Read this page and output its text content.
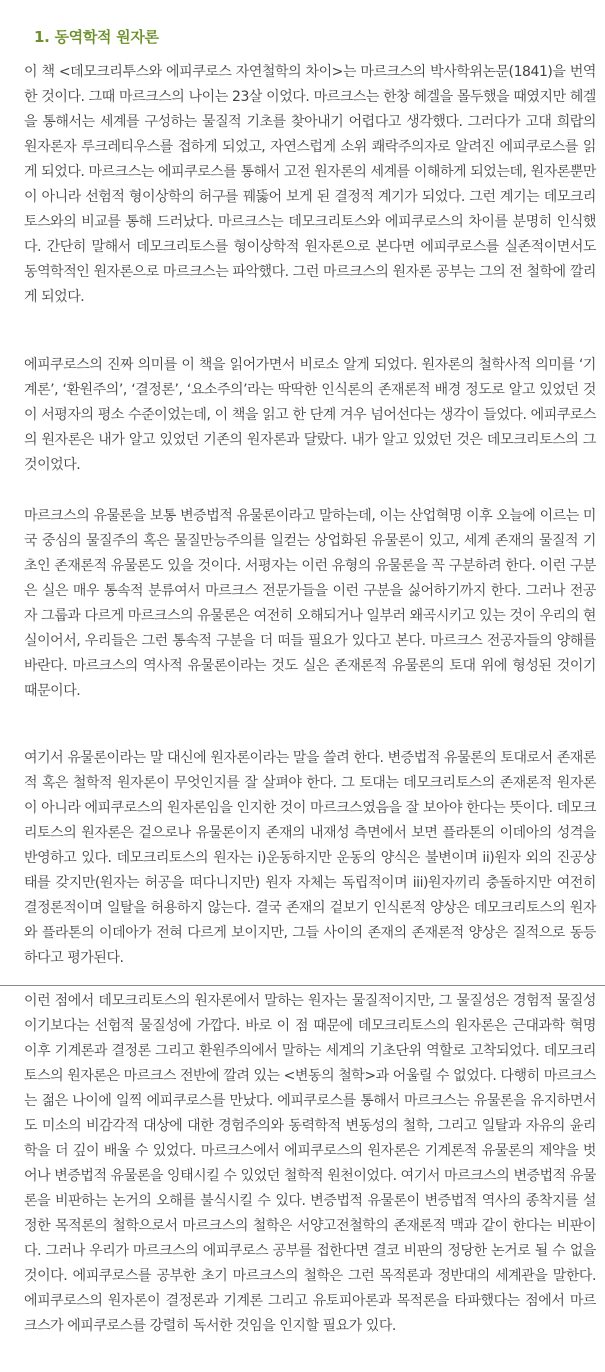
1. 동역학적 원자론

이 책 <데모크리투스와 에피쿠로스 자연철학의 차이>는 마르크스의 박사학위논문(1841)을 번역한 것이다. 그때 마르크스의 나이는 23살 이었다. 마르크스는 한창 헤겔을 몰두했을 때였지만 헤겔을 통해서는 세계를 구성하는 물질적 기초를 찾아내기 어렵다고 생각했다. 그러다가 고대 희랍의 원자론자 루크레티우스를 접하게 되었고, 자연스럽게 소위 쾌락주의자로 알려진 에피쿠로스를 읽게 되었다. 마르크스는 에피쿠로스를 통해서 고전 원자론의 세계를 이해하게 되었는데, 원자론뿐만이 아니라 선험적 형이상학의 허구를 꿰뚫어 보게 된 결정적 계기가 되었다. 그런 계기는 데모크리토스와의 비교를 통해 드러났다. 마르크스는 데모크리토스와 에피쿠로스의 차이를 분명히 인식했다. 간단히 말해서 데모크리토스를 형이상학적 원자론으로 본다면 에피쿠로스를 실존적이면서도 동역학적인 원자론으로 마르크스는 파악했다. 그런 마르크스의 원자론 공부는 그의 전 철학에 깔리게 되었다.

에피쿠로스의 진짜 의미를 이 책을 읽어가면서 비로소 알게 되었다. 원자론의 철학사적 의미를 ‘기계론’, ‘환원주의’, ‘결정론’, ‘요소주의’라는 딱딱한 인식론의 존재론적 배경 정도로 알고 있었던 것이 서평자의 평소 수준이었는데, 이 책을 읽고 한 단계 겨우 넘어선다는 생각이 들었다. 에피쿠로스의 원자론은 내가 알고 있었던 기존의 원자론과 달랐다. 내가 알고 있었던 것은 데모크리토스의 그것이었다.

마르크스의 유물론을 보통 변증법적 유물론이라고 말하는데, 이는 산업혁명 이후 오늘에 이르는 미국 중심의 물질주의 혹은 물질만능주의를 일컫는 상업화된 유물론이 있고, 세계 존재의 물질적 기초인 존재론적 유물론도 있을 것이다. 서평자는 이런 유형의 유물론을 꼭 구분하려 한다. 이런 구분은 실은 매우 통속적 분류여서 마르크스 전문가들을 이런 구분을 싫어하기까지 한다. 그러나 전공자 그룹과 다르게 마르크스의 유물론은 여전히 오해되거나 일부러 왜곡시키고 있는 것이 우리의 현실이어서, 우리들은 그런 통속적 구분을 더 떠들 필요가 있다고 본다. 마르크스 전공자들의 양해를 바란다. 마르크스의 역사적 유물론이라는 것도 실은 존재론적 유물론의 토대 위에 형성된 것이기 때문이다.

여기서 유물론이라는 말 대신에 원자론이라는 말을 쓸려 한다. 변증법적 유물론의 토대로서 존재론적 혹은 철학적 원자론이 무엇인지를 잘 살펴야 한다. 그 토대는 데모크리토스의 존재론적 원자론이 아니라 에피쿠로스의 원자론임을 인지한 것이 마르크스였음을 잘 보아야 한다는 뜻이다. 데모크리토스의 원자론은 겉으로나 유물론이지 존재의 내재성 측면에서 보면 플라톤의 이데아의 성격을 반영하고 있다. 데모크리토스의 원자는 i)운동하지만 운동의 양식은 불변이며 ii)원자 외의 진공상태를 갖지만(원자는 허공을 떠다니지만) 원자 자체는 독립적이며 iii)원자끼리 충돌하지만 여전히 결정론적이며 일탈을 허용하지 않는다. 결국 존재의 겉보기 인식론적 양상은 데모크리토스의 원자와 플라톤의 이데아가 전혀 다르게 보이지만, 그들 사이의 존재의 존재론적 양상은 질적으로 동등하다고 평가된다.

이런 점에서 데모크리토스의 원자론에서 말하는 원자는 물질적이지만, 그 물질성은 경험적 물질성이기보다는 선험적 물질성에 가깝다. 바로 이 점 때문에 데모크리토스의 원자론은 근대과학 혁명 이후 기계론과 결정론 그리고 환원주의에서 말하는 세계의 기초단위 역할로 고착되었다. 데모크리토스의 원자론은 마르크스 전반에 깔려 있는 <변동의 철학>과 어울릴 수 없었다. 다행히 마르크스는 젊은 나이에 일찍 에피쿠로스를 만났다. 에피쿠로스를 통해서 마르크스는 유물론을 유지하면서도 미소의 비감각적 대상에 대한 경험주의와 동력학적 변동성의 철학, 그리고 일탈과 자유의 윤리학을 더 깊이 배울 수 있었다. 마르크스에서 에피쿠로스의 원자론은 기계론적 유물론의 제약을 벗어나 변증법적 유물론을 잉태시킬 수 있었던 철학적 원천이었다. 여기서 마르크스의 변증법적 유물론을 비판하는 논거의 오해를 불식시킬 수 있다. 변증법적 유물론이 변증법적 역사의 종착지를 설정한 목적론의 철학으로서 마르크스의 철학은 서양고전철학의 존재론적 맥과 같이 한다는 비판이다. 그러나 우리가 마르크스의 에피쿠로스 공부를 접한다면 결코 비판의 정당한 논거로 될 수 없을 것이다. 에피쿠로스를 공부한 초기 마르크스의 철학은 그런 목적론과 정반대의 세계관을 말한다. 에피쿠로스의 원자론이 결정론과 기계론 그리고 유토피아론과 목적론을 타파했다는 점에서 마르크스가 에피쿠로스를 강렬히 독서한 것임을 인지할 필요가 있다.
